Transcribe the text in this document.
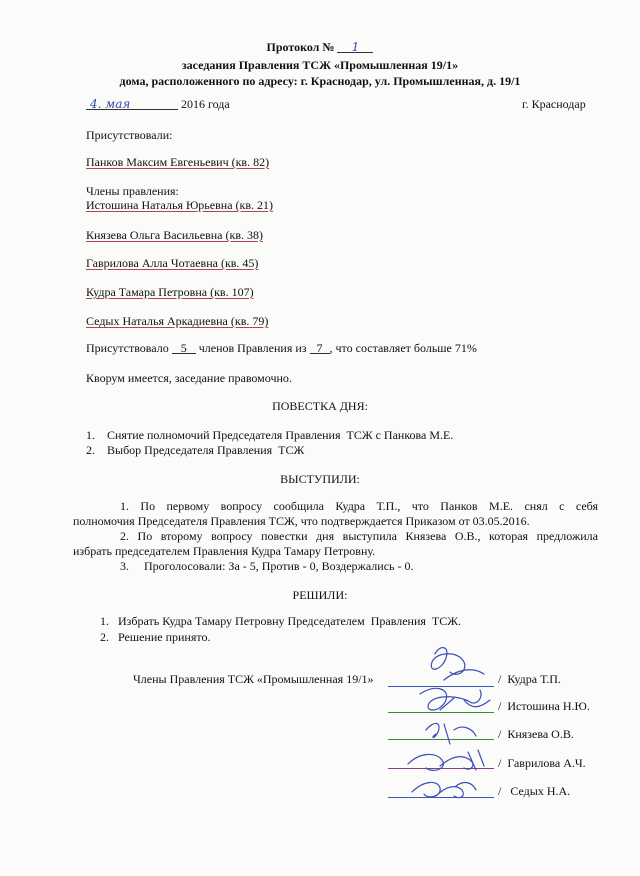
Протокол № 1
заседания Правления ТСЖ «Промышленная 19/1»
дома, расположенного по адресу: г. Краснодар, ул. Промышленная, д. 19/1
4. мая	2016 года	г. Краснодар
Присутствовали:
Панков Максим Евгеньевич (кв. 82)
Члены правления:
Истошина Наталья Юрьевна (кв. 21)
Князева Ольга Васильевна (кв. 38)
Гаврилова Алла Чотаевна (кв. 45)
Кудра Тамара Петровна (кв. 107)
Седых Наталья Аркадиевна (кв. 79)
Присутствовало 5 членов Правления из 7 , что составляет больше 71%
Кворум имеется, заседание правомочно.
ПОВЕСТКА ДНЯ:
1.    Снятие полномочий Председателя Правления  ТСЖ с Панкова М.Е.
2.    Выбор Председателя Правления  ТСЖ
ВЫСТУПИЛИ:
1. По первому вопросу сообщила Кудра Т.П., что Панков М.Е. снял с себя
полномочия Председателя Правления ТСЖ, что подтверждается Приказом от 03.05.2016.
2. По второму вопросу повестки дня выступила Князева О.В., которая предложила
избрать председателем Правления Кудра Тамару Петровну.
3.     Проголосовали: За - 5, Против - 0, Воздержались - 0.
РЕШИЛИ:
1.   Избрать Кудра Тамару Петровну Председателем  Правления  ТСЖ.
2.   Решение принято.
Члены Правления ТСЖ «Промышленная 19/1»	/  Кудра Т.П.
/  Истошина Н.Ю.
/  Князева О.В.
/  Гаврилова А.Ч.
/   Седых Н.А.
